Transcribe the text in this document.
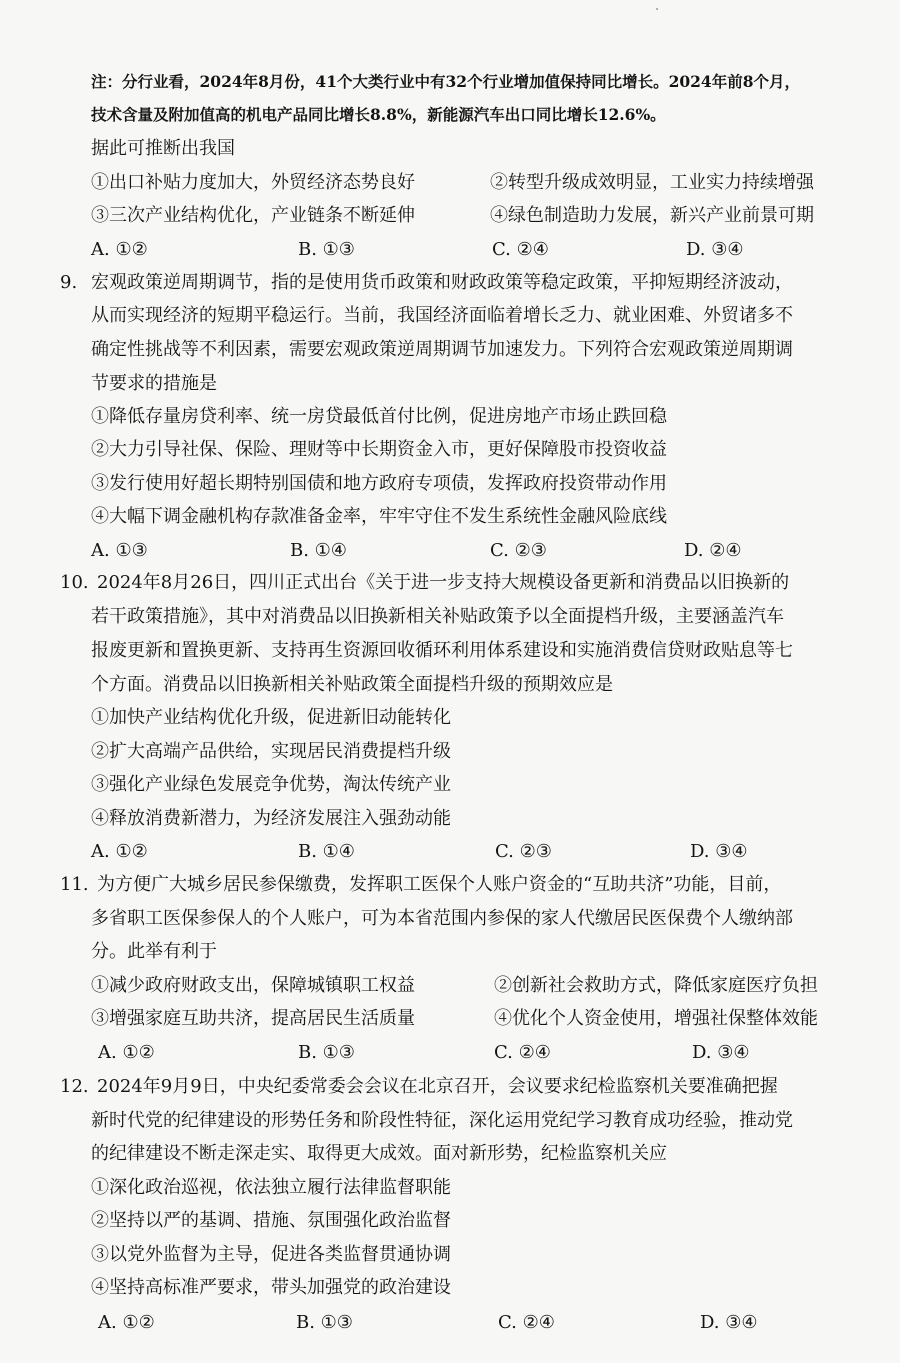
注：分行业看，2024年8月份，41个大类行业中有32个行业增加值保持同比增长。2024年前8个月，
技术含量及附加值高的机电产品同比增长8.8%，新能源汽车出口同比增长12.6%。
据此可推断出我国
①出口补贴力度加大，外贸经济态势良好	②转型升级成效明显，工业实力持续增强
③三次产业结构优化，产业链条不断延伸	④绿色制造助力发展，新兴产业前景可期
A. ①②	B. ①③	C. ②④	D. ③④
9. 宏观政策逆周期调节，指的是使用货币政策和财政政策等稳定政策，平抑短期经济波动，
从而实现经济的短期平稳运行。当前，我国经济面临着增长乏力、就业困难、外贸诸多不
确定性挑战等不利因素，需要宏观政策逆周期调节加速发力。下列符合宏观政策逆周期调
节要求的措施是
①降低存量房贷利率、统一房贷最低首付比例，促进房地产市场止跌回稳
②大力引导社保、保险、理财等中长期资金入市，更好保障股市投资收益
③发行使用好超长期特别国债和地方政府专项债，发挥政府投资带动作用
④大幅下调金融机构存款准备金率，牢牢守住不发生系统性金融风险底线
A. ①③	B. ①④	C. ②③	D. ②④
10. 2024年8月26日，四川正式出台《关于进一步支持大规模设备更新和消费品以旧换新的
若干政策措施》，其中对消费品以旧换新相关补贴政策予以全面提档升级，主要涵盖汽车
报废更新和置换更新、支持再生资源回收循环利用体系建设和实施消费信贷财政贴息等七
个方面。消费品以旧换新相关补贴政策全面提档升级的预期效应是
①加快产业结构优化升级，促进新旧动能转化
②扩大高端产品供给，实现居民消费提档升级
③强化产业绿色发展竞争优势，淘汰传统产业
④释放消费新潜力，为经济发展注入强劲动能
A. ①②	B. ①④	C. ②③	D. ③④
11. 为方便广大城乡居民参保缴费，发挥职工医保个人账户资金的“互助共济”功能，目前，
多省职工医保参保人的个人账户，可为本省范围内参保的家人代缴居民医保费个人缴纳部
分。此举有利于
①减少政府财政支出，保障城镇职工权益	②创新社会救助方式，降低家庭医疗负担
③增强家庭互助共济，提高居民生活质量	④优化个人资金使用，增强社保整体效能
A. ①②	B. ①③	C. ②④	D. ③④
12. 2024年9月9日，中央纪委常委会会议在北京召开，会议要求纪检监察机关要准确把握
新时代党的纪律建设的形势任务和阶段性特征，深化运用党纪学习教育成功经验，推动党
的纪律建设不断走深走实、取得更大成效。面对新形势，纪检监察机关应
①深化政治巡视，依法独立履行法律监督职能
②坚持以严的基调、措施、氛围强化政治监督
③以党外监督为主导，促进各类监督贯通协调
④坚持高标准严要求，带头加强党的政治建设
A. ①②	B. ①③	C. ②④	D. ③④
